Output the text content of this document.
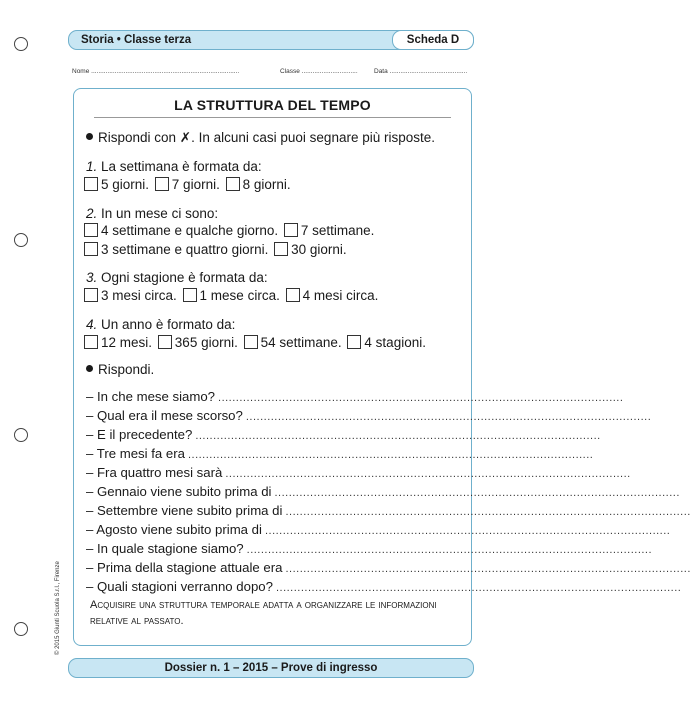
Storia • Classe terza	Scheda D
Nome ..................................................................................	Classe ...............................	Data ...........................................
LA STRUTTURA DEL TEMPO
Rispondi con ✗. In alcuni casi puoi segnare più risposte.
1. La settimana è formata da:
5 giorni. 7 giorni. 8 giorni.
2. In un mese ci sono:
4 settimane e qualche giorno. 7 settimane.
3 settimane e quattro giorni. 30 giorni.
3. Ogni stagione è formata da:
3 mesi circa. 1 mese circa. 4 mesi circa.
4. Un anno è formato da:
12 mesi. 365 giorni. 54 settimane. 4 stagioni.
Rispondi.
– In che mese siamo? ..................................................................................................................
– Qual era il mese scorso? ..................................................................................................................
– E il precedente? ..................................................................................................................
– Tre mesi fa era ..................................................................................................................
– Fra quattro mesi sarà ..................................................................................................................
– Gennaio viene subito prima di ..................................................................................................................
– Settembre viene subito prima di ..................................................................................................................
– Agosto viene subito prima di ..................................................................................................................
– In quale stagione siamo? ..................................................................................................................
– Prima della stagione attuale era ..................................................................................................................
– Quali stagioni verranno dopo? ..................................................................................................................
Acquisire una struttura temporale adatta a organizzare le informazioni relative al passato.
© 2015 Giunti Scuola S.r.l., Firenze
Dossier n. 1 – 2015 – Prove di ingresso
